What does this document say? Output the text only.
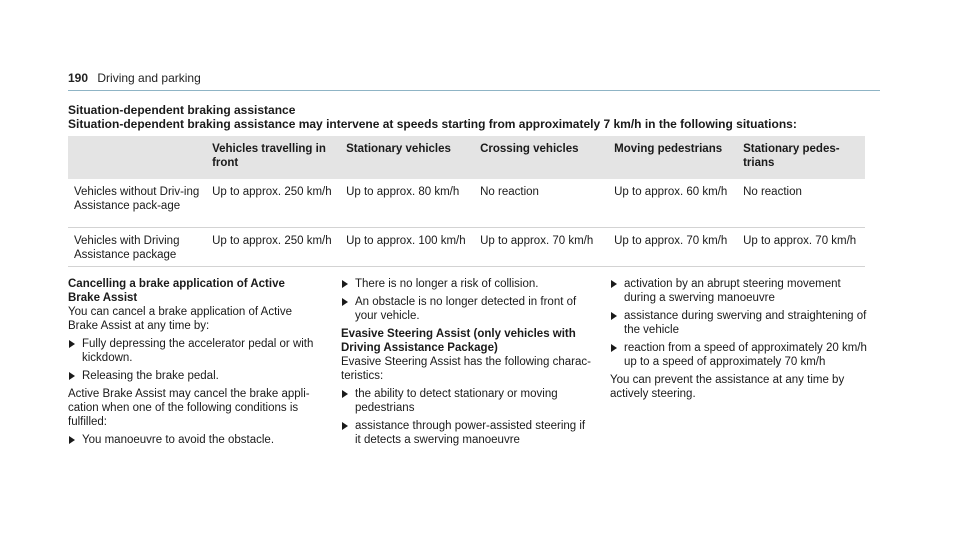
190 Driving and parking
Situation-dependent braking assistance
Situation-dependent braking assistance may intervene at speeds starting from approximately 7 km/h in the following situations:
	Vehicles travelling in front	Stationary vehicles	Crossing vehicles	Moving pedestrians	Stationary pedes-trians
Vehicles without Driv-ing Assistance pack-age	Up to approx. 250 km/h	Up to approx. 80 km/h	No reaction	Up to approx. 60 km/h	No reaction
Vehicles with Driving Assistance package	Up to approx. 250 km/h	Up to approx. 100 km/h	Up to approx. 70 km/h	Up to approx. 70 km/h	Up to approx. 70 km/h

Cancelling a brake application of Active Brake Assist

You can cancel a brake application of Active Brake Assist at any time by:

Fully depressing the accelerator pedal or with kickdown.
Releasing the brake pedal.

Active Brake Assist may cancel the brake appli-cation when one of the following conditions is fulfilled:

You manoeuvre to avoid the obstacle.
There is no longer a risk of collision.
An obstacle is no longer detected in front of your vehicle.

Evasive Steering Assist (only vehicles with Driving Assistance Package)

Evasive Steering Assist has the following charac-teristics:

the ability to detect stationary or moving pedestrians
assistance through power-assisted steering if it detects a swerving manoeuvre
activation by an abrupt steering movement during a swerving manoeuvre
assistance during swerving and straightening of the vehicle
reaction from a speed of approximately 20 km/h up to a speed of approximately 70 km/h

You can prevent the assistance at any time by actively steering.
